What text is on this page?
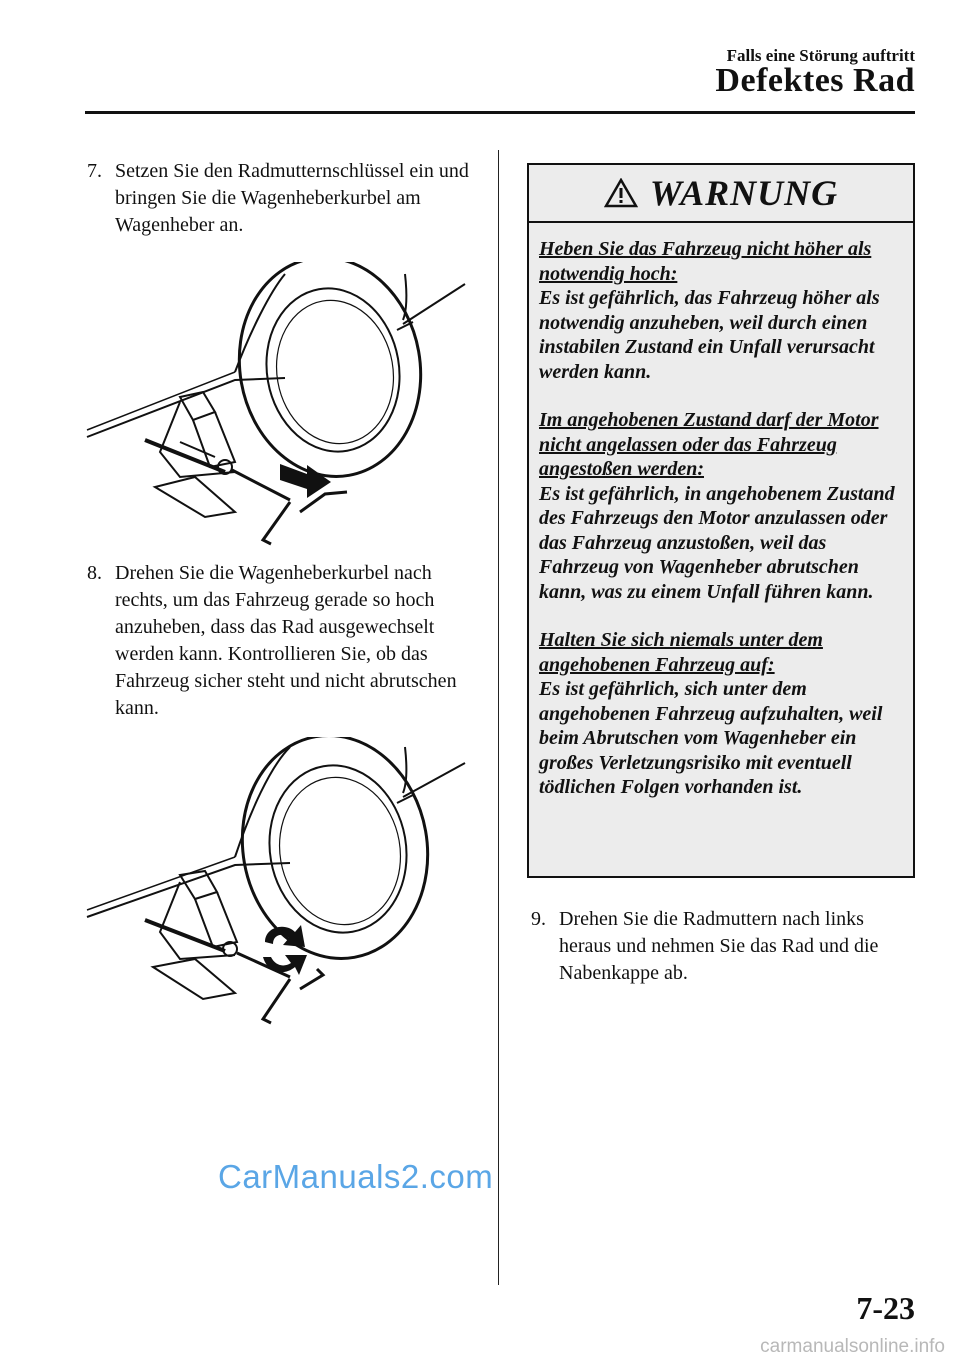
Falls eine Störung auftritt
Defektes Rad
7. Setzen Sie den Radmutternschlüssel ein und bringen Sie die Wagenheberkurbel am Wagenheber an.
8. Drehen Sie die Wagenheberkurbel nach rechts, um das Fahrzeug gerade so hoch anzuheben, dass das Rad ausgewechselt werden kann. Kontrollieren Sie, ob das Fahrzeug sicher steht und nicht abrutschen kann.
WARNUNG

Heben Sie das Fahrzeug nicht höher als notwendig hoch:
Es ist gefährlich, das Fahrzeug höher als notwendig anzuheben, weil durch einen instabilen Zustand ein Unfall verursacht werden kann.

Im angehobenen Zustand darf der Motor nicht angelassen oder das Fahrzeug angestoßen werden:
Es ist gefährlich, in angehobenem Zustand des Fahrzeugs den Motor anzulassen oder das Fahrzeug anzustoßen, weil das Fahrzeug von Wagenheber abrutschen kann, was zu einem Unfall führen kann.

Halten Sie sich niemals unter dem angehobenen Fahrzeug auf:
Es ist gefährlich, sich unter dem angehobenen Fahrzeug aufzuhalten, weil beim Abrutschen vom Wagenheber ein großes Verletzungsrisiko mit eventuell tödlichen Folgen vorhanden ist.

9. Drehen Sie die Radmuttern nach links heraus und nehmen Sie das Rad und die Nabenkappe ab.
CarManuals2.com
7-23
carmanualsonline.info
